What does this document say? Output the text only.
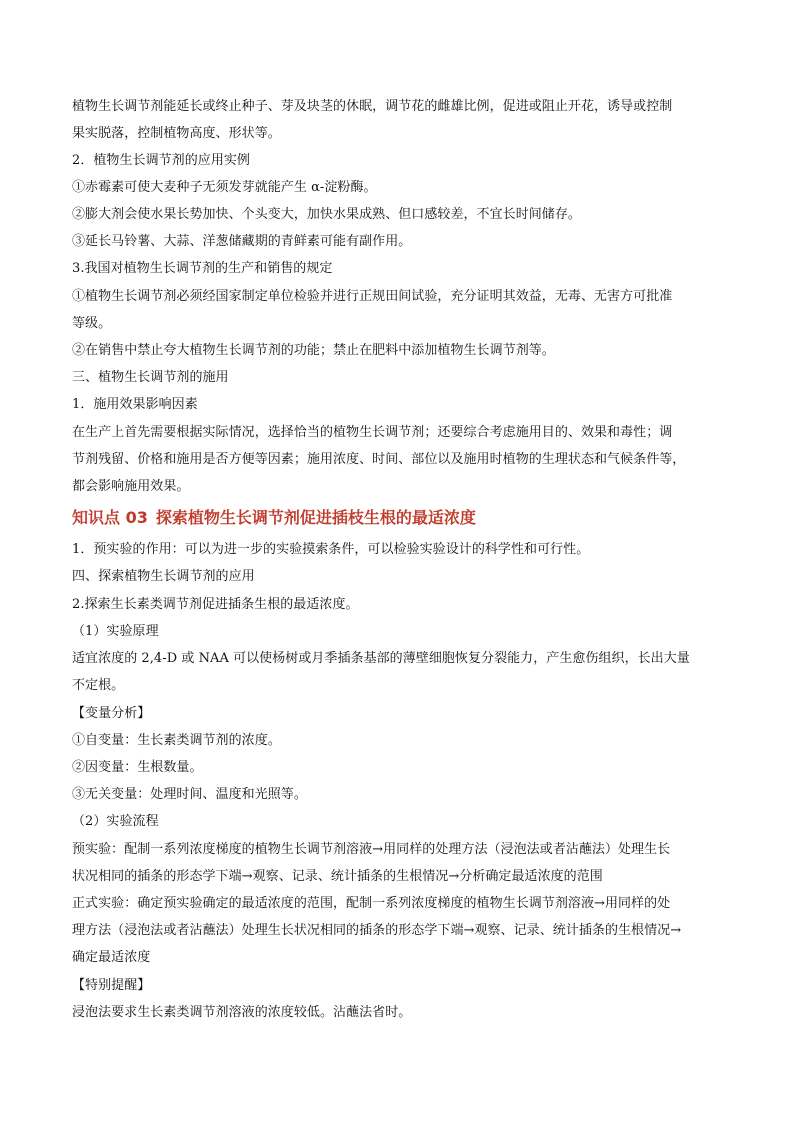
植物生长调节剂能延长或终止种子、芽及块茎的休眠，调节花的雌雄比例，促进或阻止开花，诱导或控制
果实脱落，控制植物高度、形状等。
2．植物生长调节剂的应用实例
①赤霉素可使大麦种子无须发芽就能产生 α-淀粉酶。
②膨大剂会使水果长势加快、个头变大，加快水果成熟、但口感较差，不宜长时间储存。
③延长马铃薯、大蒜、洋葱储藏期的青鲜素可能有副作用。
3.我国对植物生长调节剂的生产和销售的规定
①植物生长调节剂必须经国家制定单位检验并进行正规田间试验，充分证明其效益，无毒、无害方可批准
等级。
②在销售中禁止夸大植物生长调节剂的功能；禁止在肥料中添加植物生长调节剂等。
三、植物生长调节剂的施用
1．施用效果影响因素
在生产上首先需要根据实际情况，选择恰当的植物生长调节剂；还要综合考虑施用目的、效果和毒性；调
节剂残留、价格和施用是否方便等因素；施用浓度、时间、部位以及施用时植物的生理状态和气候条件等，
都会影响施用效果。
知识点 03 探索植物生长调节剂促进插枝生根的最适浓度
1．预实验的作用：可以为进一步的实验摸索条件，可以检验实验设计的科学性和可行性。
四、探索植物生长调节剂的应用
2.探索生长素类调节剂促进插条生根的最适浓度。
（1）实验原理
适宜浓度的 2,4-D 或 NAA 可以使杨树或月季插条基部的薄壁细胞恢复分裂能力，产生愈伤组织，长出大量
不定根。
【变量分析】
①自变量：生长素类调节剂的浓度。
②因变量：生根数量。
③无关变量：处理时间、温度和光照等。
（2）实验流程
预实验：配制一系列浓度梯度的植物生长调节剂溶液→用同样的处理方法（浸泡法或者沾蘸法）处理生长
状况相同的插条的形态学下端→观察、记录、统计插条的生根情况→分析确定最适浓度的范围
正式实验：确定预实验确定的最适浓度的范围，配制一系列浓度梯度的植物生长调节剂溶液→用同样的处
理方法（浸泡法或者沾蘸法）处理生长状况相同的插条的形态学下端→观察、记录、统计插条的生根情况→
确定最适浓度
【特别提醒】
浸泡法要求生长素类调节剂溶液的浓度较低。沾蘸法省时。
